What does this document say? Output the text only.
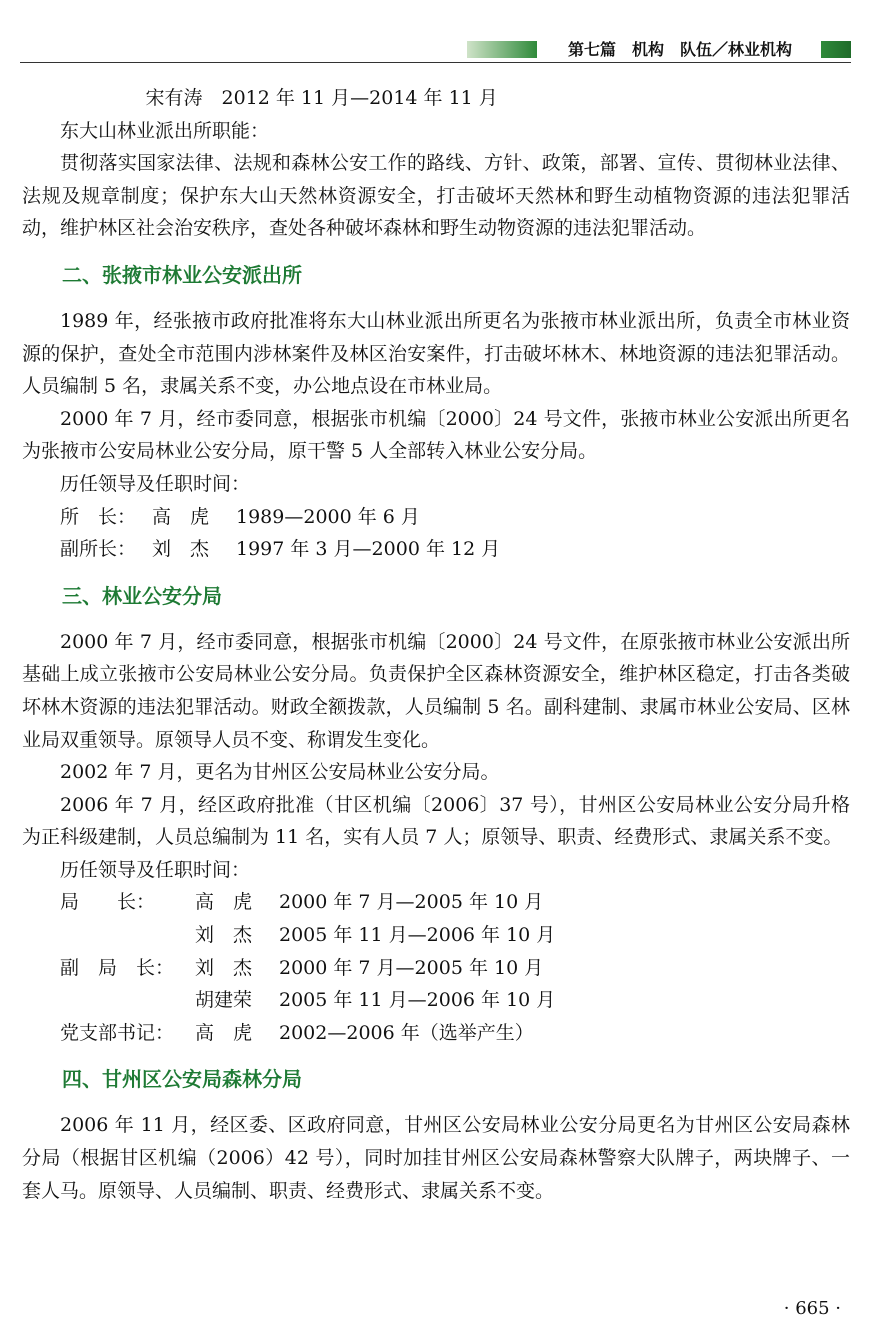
第七篇　机构　队伍／林业机构

宋有涛　2012 年 11 月—2014 年 11 月

东大山林业派出所职能：

贯彻落实国家法律、法规和森林公安工作的路线、方针、政策，部署、宣传、贯彻林业法律、法规及规章制度；保护东大山天然林资源安全，打击破坏天然林和野生动植物资源的违法犯罪活动，维护林区社会治安秩序，查处各种破坏森林和野生动物资源的违法犯罪活动。

二、张掖市林业公安派出所

1989 年，经张掖市政府批准将东大山林业派出所更名为张掖市林业派出所，负责全市林业资源的保护，查处全市范围内涉林案件及林区治安案件，打击破坏林木、林地资源的违法犯罪活动。人员编制 5 名，隶属关系不变，办公地点设在市林业局。

2000 年 7 月，经市委同意，根据张市机编〔2000〕24 号文件，张掖市林业公安派出所更名为张掖市公安局林业公安分局，原干警 5 人全部转入林业公安分局。

历任领导及任职时间：

所　长： 高　虎	1989—2000 年 6 月
副所长： 刘　杰	1997 年 3 月—2000 年 12 月
三、林业公安分局

2000 年 7 月，经市委同意，根据张市机编〔2000〕24 号文件，在原张掖市林业公安派出所基础上成立张掖市公安局林业公安分局。负责保护全区森林资源安全，维护林区稳定，打击各类破坏林木资源的违法犯罪活动。财政全额拨款，人员编制 5 名。副科建制、隶属市林业公安局、区林业局双重领导。原领导人员不变、称谓发生变化。

2002 年 7 月，更名为甘州区公安局林业公安分局。

2006 年 7 月，经区政府批准（甘区机编〔2006〕37 号），甘州区公安局林业公安分局升格为正科级建制，人员总编制为 11 名，实有人员 7 人；原领导、职责、经费形式、隶属关系不变。

历任领导及任职时间：

局　　长：	高　虎	2000 年 7 月—2005 年 10 月
刘　杰	2005 年 11 月—2006 年 10 月
副　局　长：	刘　杰	2000 年 7 月—2005 年 10 月
胡建荣	2005 年 11 月—2006 年 10 月
党支部书记：	高　虎	2002—2006 年（选举产生）
四、甘州区公安局森林分局

2006 年 11 月，经区委、区政府同意，甘州区公安局林业公安分局更名为甘州区公安局森林分局（根据甘区机编（2006）42 号），同时加挂甘州区公安局森林警察大队牌子，两块牌子、一套人马。原领导、人员编制、职责、经费形式、隶属关系不变。

· 665 ·
